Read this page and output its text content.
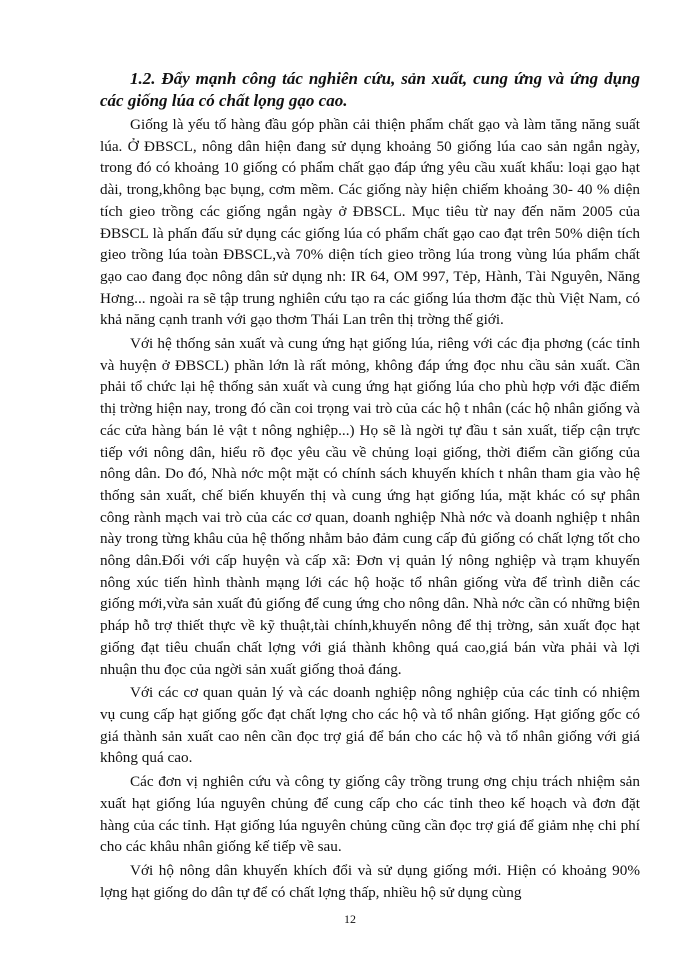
1.2. Đẩy mạnh công tác nghiên cứu, sản xuất, cung ứng và ứng dụng các giống lúa có chất lọng gạo cao.

Giống là yếu tố hàng đầu góp phần cải thiện phẩm chất gạo và làm tăng năng suất lúa. Ở ĐBSCL, nông dân hiện đang sử dụng khoảng 50 giống lúa cao sản ngắn ngày, trong đó có khoảng 10 giống có phẩm chất gạo đáp ứng yêu cầu xuất khẩu: loại gạo hạt dài, trong,không bạc bụng, cơm mềm. Các giống này hiện chiếm khoảng 30- 40 % diện tích gieo trồng các giống ngắn ngày ở ĐBSCL. Mục tiêu từ nay đến năm 2005 của ĐBSCL là phấn đấu sử dụng các giống lúa có phẩm chất gạo cao đạt trên 50% diện tích gieo trồng lúa toàn ĐBSCL,và 70% diện tích gieo trồng lúa trong vùng lúa phẩm chất gạo cao đang đọc nông dân sử dụng nh: IR 64, OM 997, Tẻp, Hành, Tài Nguyên, Năng Hơng... ngoài ra sẽ tập trung nghiên cứu tạo ra các giống lúa thơm đặc thù Việt Nam, có khả năng cạnh tranh với gạo thơm Thái Lan trên thị trờng thế giới.

Với hệ thống sản xuất và cung ứng hạt giống lúa, riêng với các địa phơng (các tỉnh và huyện ở ĐBSCL) phần lớn là rất mỏng, không đáp ứng đọc nhu cầu sản xuất. Cần phải tổ chức lại hệ thống sản xuất và cung ứng hạt giống lúa cho phù hợp với đặc điểm thị trờng hiện nay, trong đó cần coi trọng vai trò của các hộ t nhân (các hộ nhân giống và các cửa hàng bán lẻ vật t nông nghiệp...) Họ sẽ là ngời tự đầu t sản xuất, tiếp cận trực tiếp với nông dân, hiểu rõ đọc yêu cầu về chủng loại giống, thời điểm cần giống của nông dân. Do đó, Nhà nớc một mặt có chính sách khuyến khích t nhân tham gia vào hệ thống sản xuất, chế biến khuyến thị và cung ứng hạt giống lúa, mặt khác có sự phân công rành mạch vai trò của các cơ quan, doanh nghiệp Nhà nớc và doanh nghiệp t nhân này trong từng khâu của hệ thống nhằm bảo đảm cung cấp đủ giống có chất lợng tốt cho nông dân.Đối với cấp huyện và cấp xã: Đơn vị quản lý nông nghiệp và trạm khuyến nông xúc tiến hình thành mạng lới các hộ hoặc tổ nhân giống vừa để trình diễn các giống mới,vừa sản xuất đủ giống để cung ứng cho nông dân. Nhà nớc cần có những biện pháp hỗ trợ thiết thực về kỹ thuật,tài chính,khuyến nông để thị trờng, sản xuất đọc hạt giống đạt tiêu chuẩn chất lợng với giá thành không quá cao,giá bán vừa phải và lợi nhuận thu đọc của ngời sản xuất giống thoả đáng.

Với các cơ quan quản lý và các doanh nghiệp nông nghiệp của các tỉnh có nhiệm vụ cung cấp hạt giống gốc đạt chất lợng cho các hộ và tổ nhân giống. Hạt giống gốc có giá thành sản xuất cao nên cần đọc trợ giá để bán cho các hộ và tổ nhân giống với giá không quá cao.

Các đơn vị nghiên cứu và công ty giống cây trồng trung ơng chịu trách nhiệm sản xuất hạt giống lúa nguyên chủng để cung cấp cho các tỉnh theo kế hoạch và đơn đặt hàng của các tỉnh. Hạt giống lúa nguyên chủng cũng cần đọc trợ giá để giảm nhẹ chi phí cho các khâu nhân giống kế tiếp về sau.

Với hộ nông dân khuyến khích đổi và sử dụng giống mới. Hiện có khoảng 90% lợng hạt giống do dân tự để có chất lợng thấp, nhiều hộ sử dụng cùng

12
